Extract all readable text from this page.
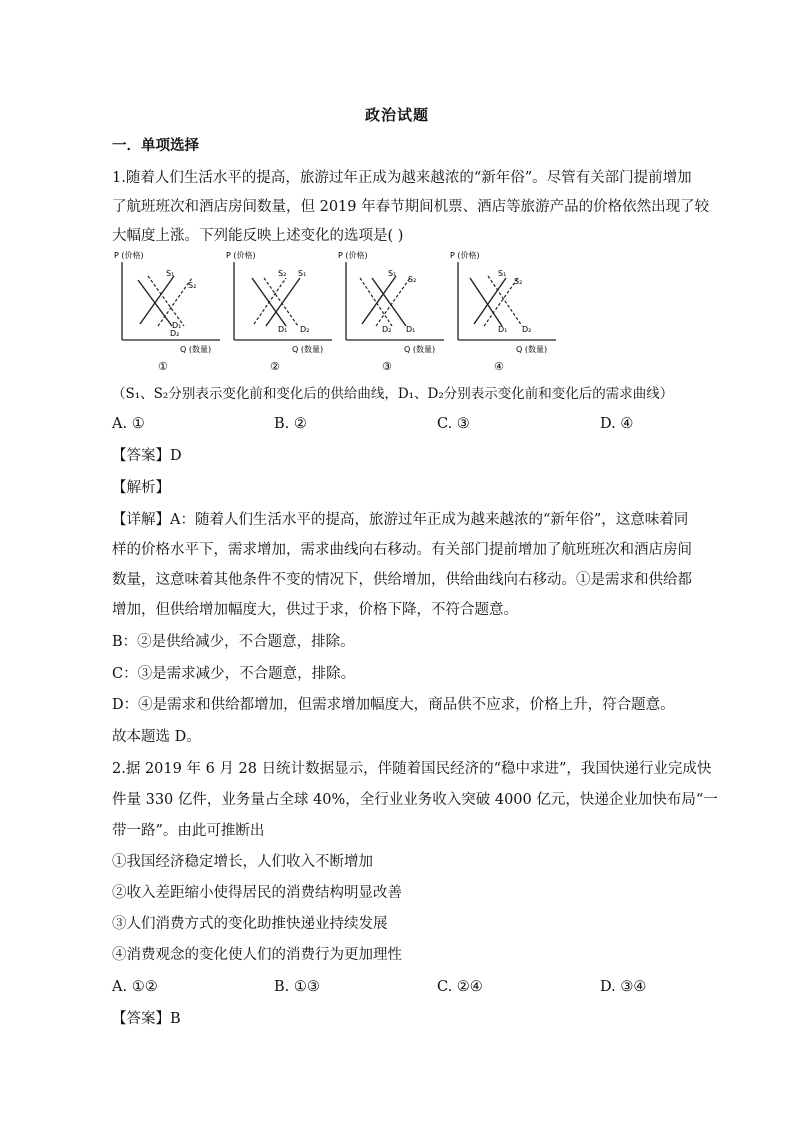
政治试题
一．单项选择
1.随着人们生活水平的提高，旅游过年正成为越来越浓的“新年俗”。尽管有关部门提前增加
了航班班次和酒店房间数量，但 2019 年春节期间机票、酒店等旅游产品的价格依然出现了较
大幅度上涨。下列能反映上述变化的选项是( )
P (价格)
S₁
S₂
D₁
D₂
Q (数量)
①
P (价格)
S₂ S₁
D₁ D₂
Q (数量)
②
P (价格)
S₁
S₂
D₂ D₁
Q (数量)
③
P (价格)
S₁
S₂
D₁ D₂
Q (数量)
④
（S₁、S₂分别表示变化前和变化后的供给曲线，D₁、D₂分别表示变化前和变化后的需求曲线）
A. ①	B. ②	C. ③	D. ④
【答案】D
【解析】
【详解】A：随着人们生活水平的提高，旅游过年正成为越来越浓的“新年俗”，这意味着同
样的价格水平下，需求增加，需求曲线向右移动。有关部门提前增加了航班班次和酒店房间
数量，这意味着其他条件不变的情况下，供给增加，供给曲线向右移动。①是需求和供给都
增加，但供给增加幅度大，供过于求，价格下降，不符合题意。
B：②是供给减少，不合题意，排除。
C：③是需求减少，不合题意，排除。
D：④是需求和供给都增加，但需求增加幅度大，商品供不应求，价格上升，符合题意。
故本题选 D。
2.据 2019 年 6 月 28 日统计数据显示，伴随着国民经济的“稳中求进”，我国快递行业完成快
件量 330 亿件，业务量占全球 40%，全行业业务收入突破 4000 亿元，快递企业加快布局“一
带一路”。由此可推断出
①我国经济稳定增长，人们收入不断增加
②收入差距缩小使得居民的消费结构明显改善
③人们消费方式的变化助推快递业持续发展
④消费观念的变化使人们的消费行为更加理性
A. ①②	B. ①③	C. ②④	D. ③④
【答案】B
